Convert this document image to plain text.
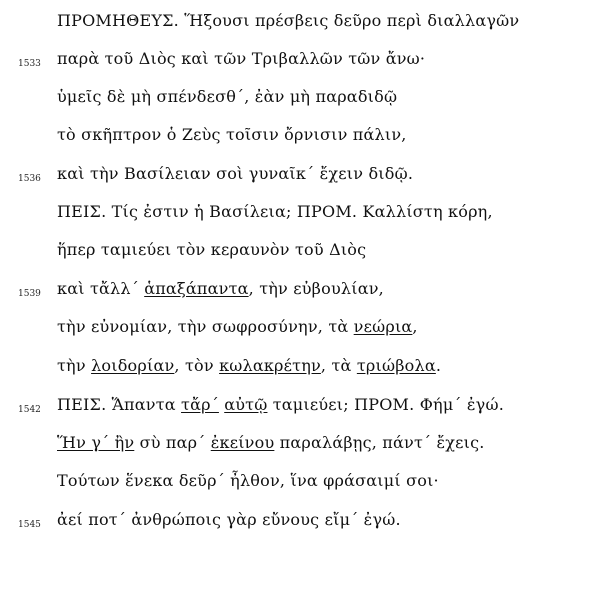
ΠΡΟΜΗΘΕΥΣ. Ἥξουσι πρέσβεις δεῦρο περὶ διαλλαγῶν
1533 παρὰ τοῦ Διὸς καὶ τῶν Τριβαλλῶν τῶν ἄνω·
ὑμεῖς δὲ μὴ σπένδεσθ΄, ἐὰν μὴ παραδιδῷ
τὸ σκῆπτρον ὁ Ζεὺς τοῖσιν ὄρνισιν πάλιν,
1536 καὶ τὴν Βασίλειαν σοὶ γυναῖκ΄ ἔχειν διδῷ.
ΠΕΙΣ. Τίς ἐστιν ἡ Βασίλεια; ΠΡΟΜ. Καλλίστη κόρη,
ἥπερ ταμιεύει τὸν κεραυνὸν τοῦ Διὸς
1539 καὶ τἄλλ΄ ἁπαξάπαντα, τὴν εὐβουλίαν,
τὴν εὐνομίαν, τὴν σωφροσύνην, τὰ νεώρια,
τὴν λοιδορίαν, τὸν κωλακρέτην, τὰ τριώβολα.
1542 ΠΕΙΣ. Ἅπαντα τἄρ΄ αὐτῷ ταμιεύει; ΠΡΟΜ. Φήμ΄ ἐγώ.
Ἥν γ΄ ἢν σὺ παρ΄ ἐκείνου παραλάβῃς, πάντ΄ ἔχεις.
Τούτων ἕνεκα δεῦρ΄ ἦλθον, ἵνα φράσαιμί σοι·
1545 ἀεί ποτ΄ ἀνθρώποις γὰρ εὔνους εἴμ΄ ἐγώ.
